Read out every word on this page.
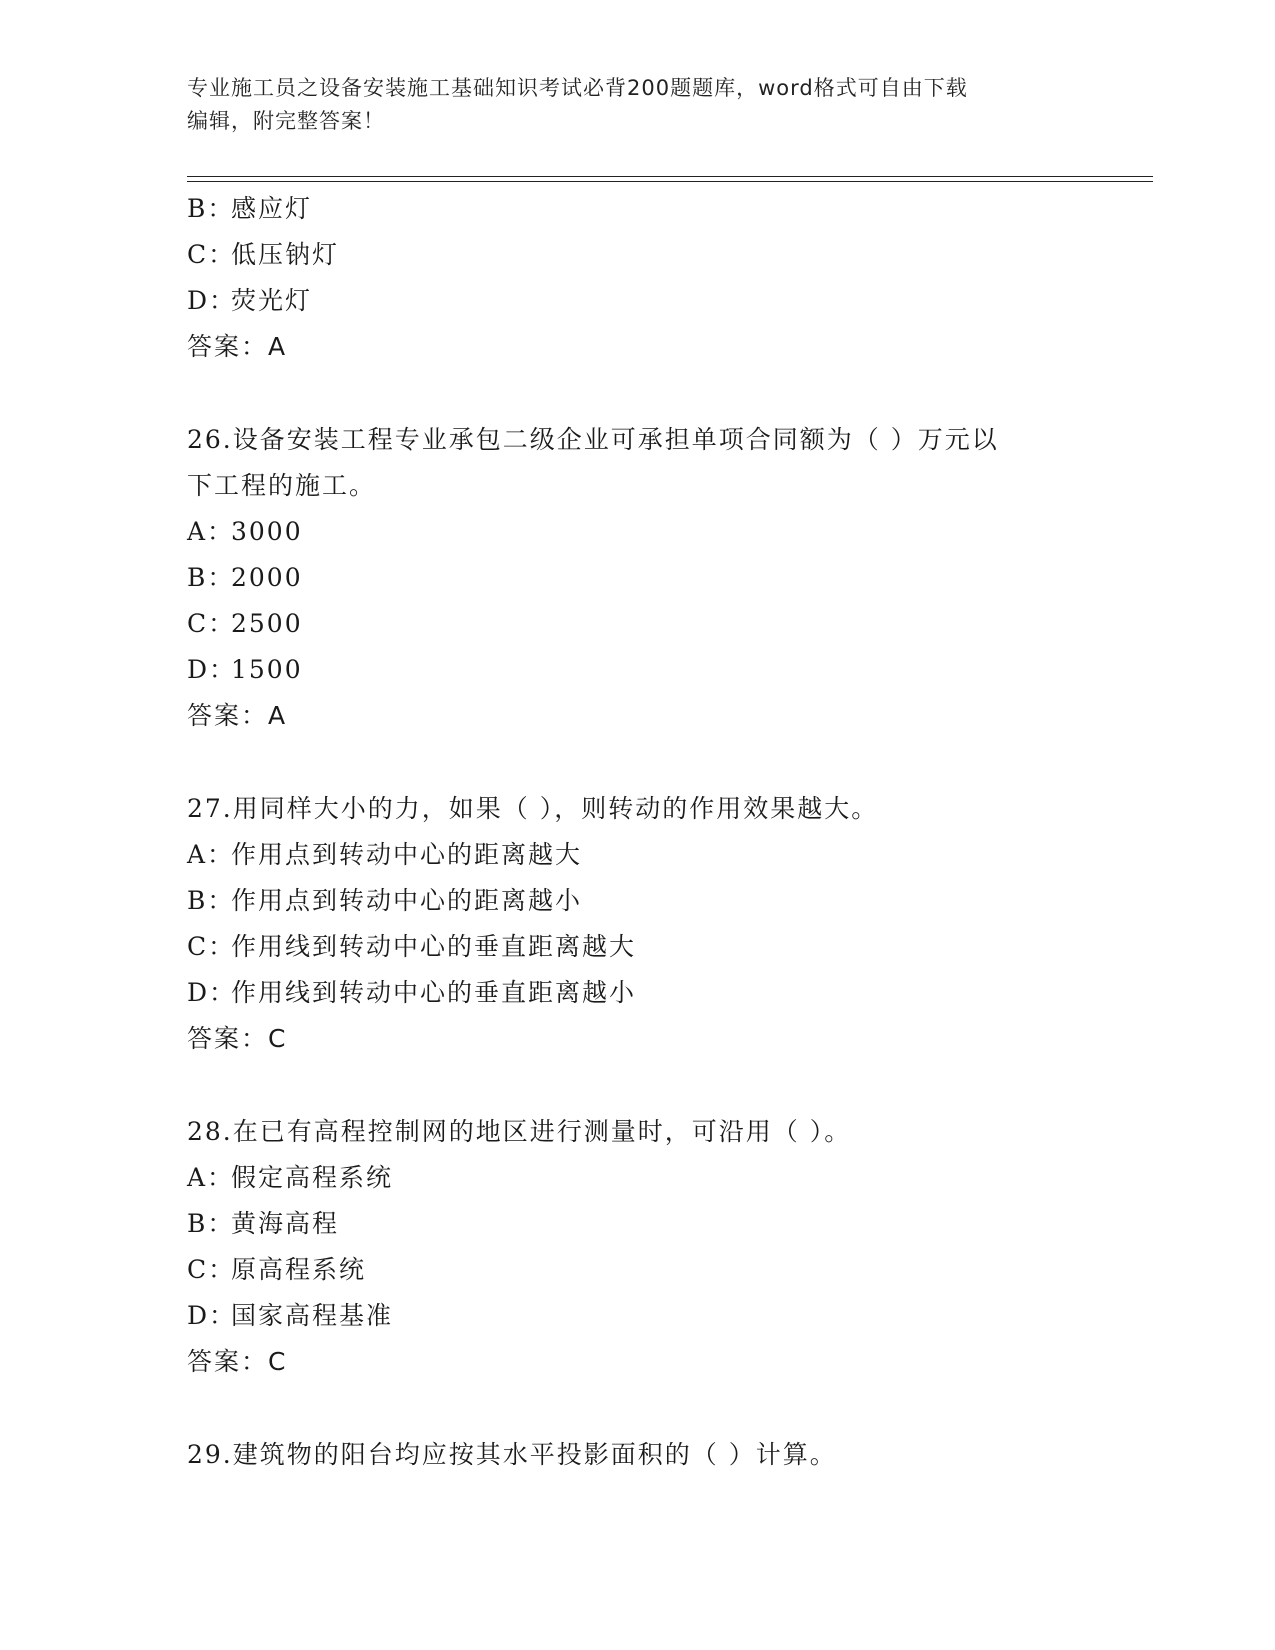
专业施工员之设备安装施工基础知识考试必背200题题库，word格式可自由下载
编辑，附完整答案！
B：感应灯
C：低压钠灯
D：荧光灯
答案：A
26.设备安装工程专业承包二级企业可承担单项合同额为（ ）万元以
下工程的施工。
A：3000
B：2000
C：2500
D：1500
答案：A
27.用同样大小的力，如果（ ），则转动的作用效果越大。
A：作用点到转动中心的距离越大
B：作用点到转动中心的距离越小
C：作用线到转动中心的垂直距离越大
D：作用线到转动中心的垂直距离越小
答案：C
28.在已有高程控制网的地区进行测量时，可沿用（ ）。
A：假定高程系统
B：黄海高程
C：原高程系统
D：国家高程基准
答案：C
29.建筑物的阳台均应按其水平投影面积的（ ）计算。
